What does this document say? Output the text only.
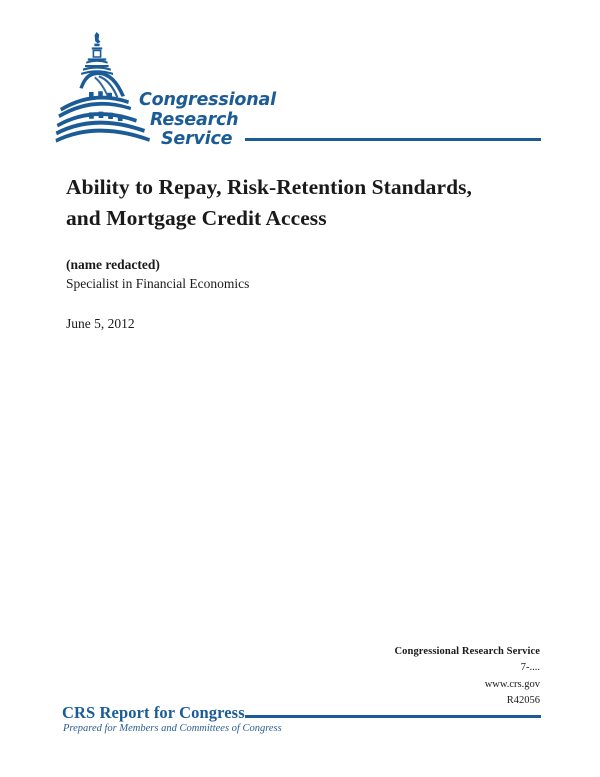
Congressional
Research
Service
Ability to Repay, Risk-Retention Standards,
and Mortgage Credit Access
(name redacted)
Specialist in Financial Economics
June 5, 2012
Congressional Research Service
7-....
www.crs.gov
R42056
CRS Report for Congress
Prepared for Members and Committees of Congress
